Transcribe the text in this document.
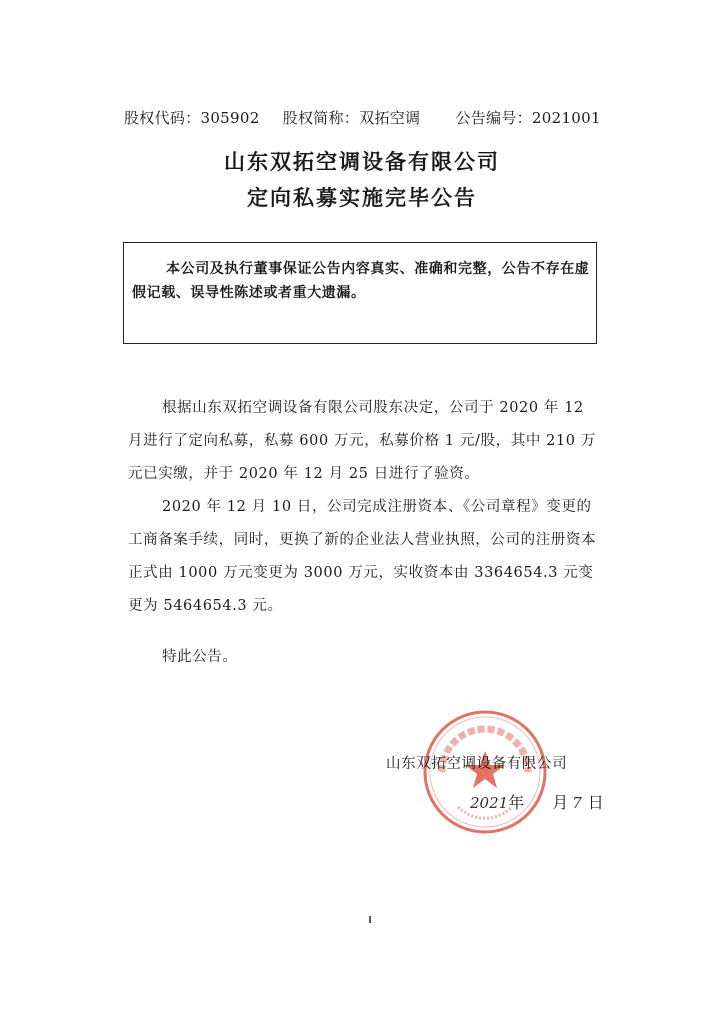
股权代码：305902 股权简称：双拓空调 公告编号：2021001
山东双拓空调设备有限公司
定向私募实施完毕公告
本公司及执行董事保证公告内容真实、准确和完整，公告不存在虚假记载、误导性陈述或者重大遗漏。
根据山东双拓空调设备有限公司股东决定，公司于 2020 年 12 月进行了定向私募，私募 600 万元，私募价格 1 元/股，其中 210 万元已实缴，并于 2020 年 12 月 25 日进行了验资。
2020 年 12 月 10 日，公司完成注册资本、《公司章程》变更的工商备案手续，同时，更换了新的企业法人营业执照，公司的注册资本正式由 1000 万元变更为 3000 万元，实收资本由 3364654.3 元变更为 5464654.3 元。
特此公告。
山东双拓空调设备有限公司
2021年 月 7 日
